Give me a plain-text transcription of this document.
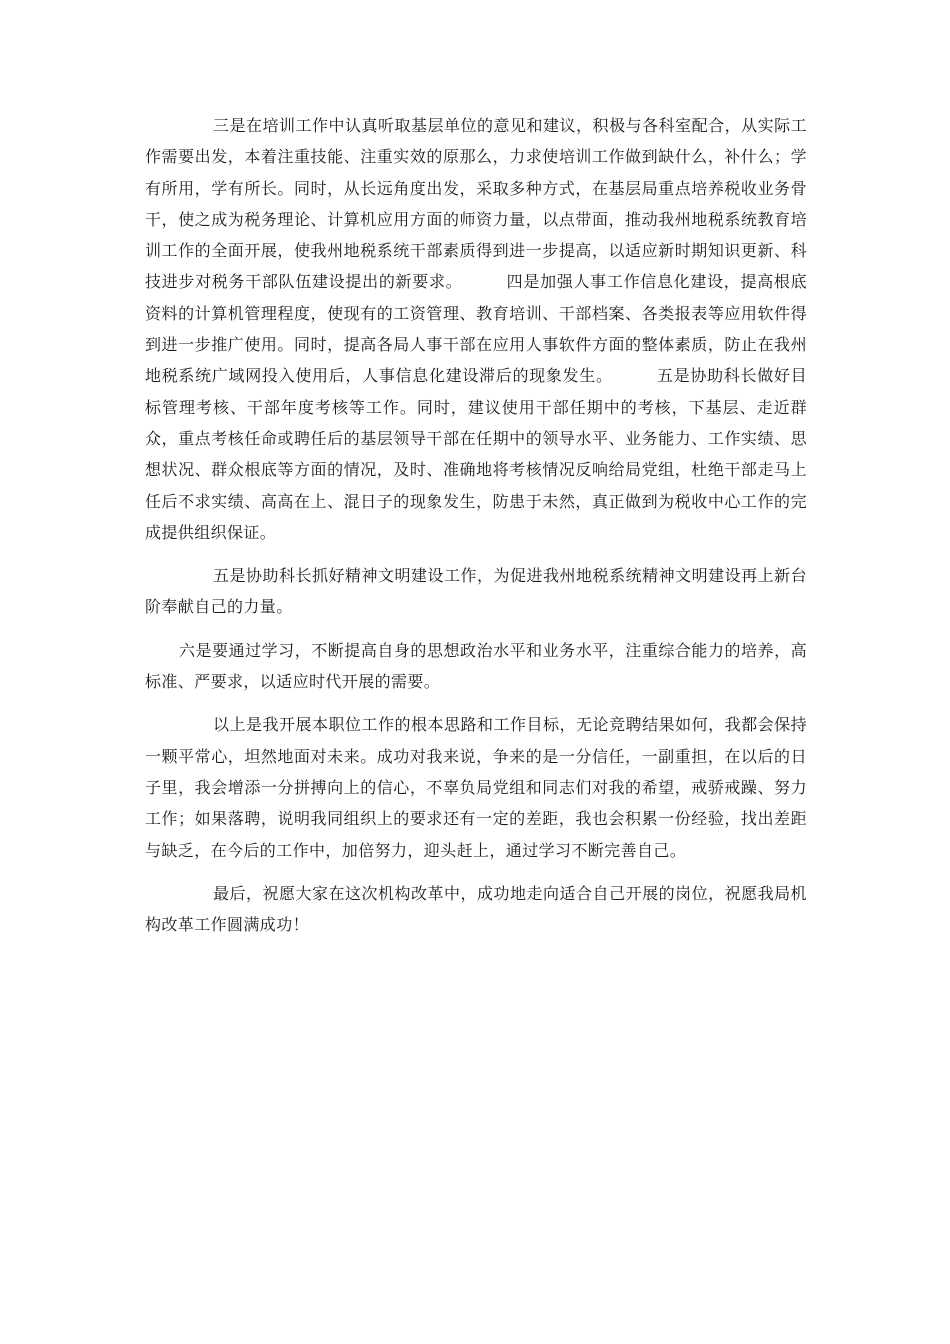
三是在培训工作中认真听取基层单位的意见和建议，积极与各科室配合，从实际工作需要出发，本着注重技能、注重实效的原那么，力求使培训工作做到缺什么，补什么；学有所用，学有所长。同时，从长远角度出发，采取多种方式，在基层局重点培养税收业务骨干，使之成为税务理论、计算机应用方面的师资力量，以点带面，推动我州地税系统教育培训工作的全面开展，使我州地税系统干部素质得到进一步提高，以适应新时期知识更新、科技进步对税务干部队伍建设提出的新要求。	四是加强人事工作信息化建设，提高根底资料的计算机管理程度，使现有的工资管理、教育培训、干部档案、各类报表等应用软件得到进一步推广使用。同时，提高各局人事干部在应用人事软件方面的整体素质，防止在我州地税系统广域网投入使用后，人事信息化建设滞后的现象发生。	五是协助科长做好目标管理考核、干部年度考核等工作。同时，建议使用干部任期中的考核，下基层、走近群众，重点考核任命或聘任后的基层领导干部在任期中的领导水平、业务能力、工作实绩、思想状况、群众根底等方面的情况，及时、准确地将考核情况反响给局党组，杜绝干部走马上任后不求实绩、高高在上、混日子的现象发生，防患于未然，真正做到为税收中心工作的完成提供组织保证。

五是协助科长抓好精神文明建设工作，为促进我州地税系统精神文明建设再上新台阶奉献自己的力量。

六是要通过学习，不断提高自身的思想政治水平和业务水平，注重综合能力的培养，高标准、严要求，以适应时代开展的需要。

以上是我开展本职位工作的根本思路和工作目标，无论竞聘结果如何，我都会保持一颗平常心，坦然地面对未来。成功对我来说，争来的是一分信任，一副重担，在以后的日子里，我会增添一分拼搏向上的信心，不辜负局党组和同志们对我的希望，戒骄戒躁、努力工作；如果落聘，说明我同组织上的要求还有一定的差距，我也会积累一份经验，找出差距与缺乏，在今后的工作中，加倍努力，迎头赶上，通过学习不断完善自己。

最后，祝愿大家在这次机构改革中，成功地走向适合自己开展的岗位，祝愿我局机构改革工作圆满成功！
